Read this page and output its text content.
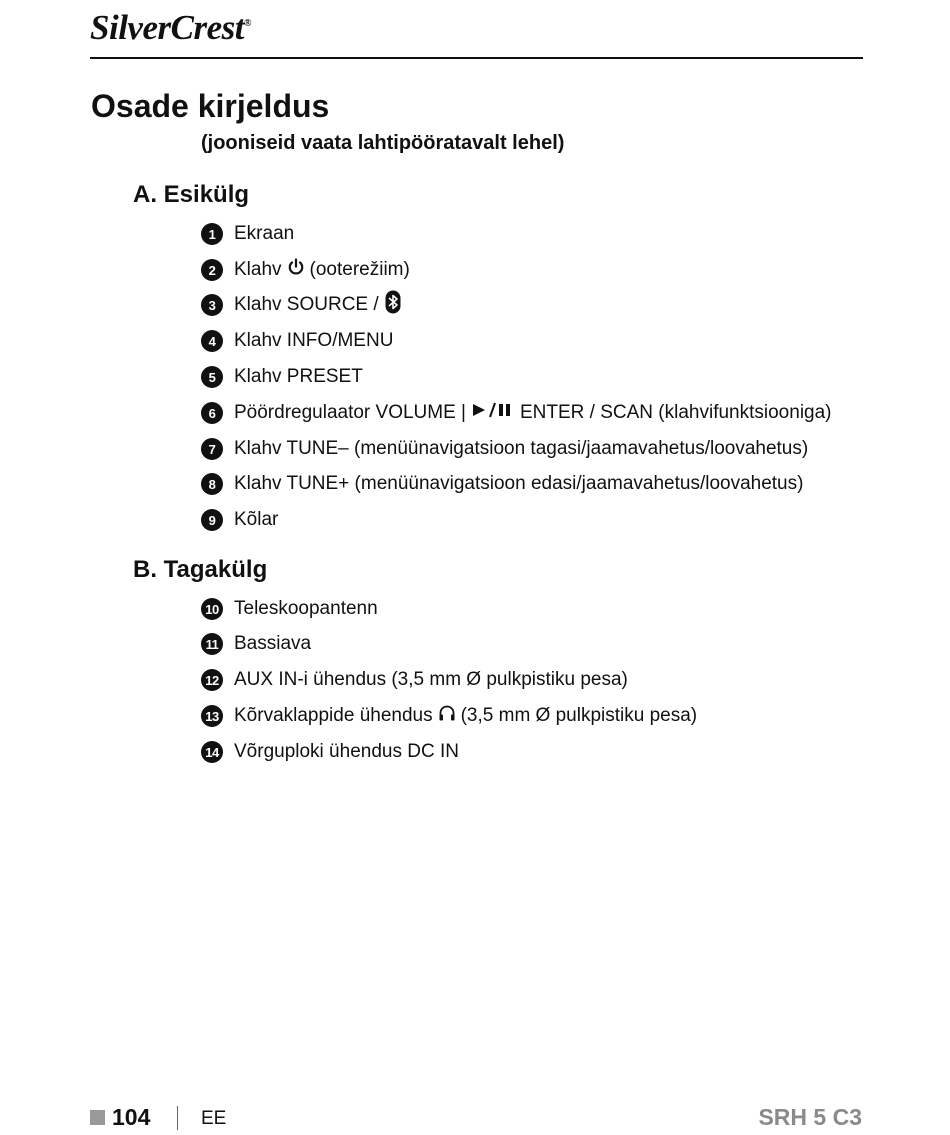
SilverCrest®
Osade kirjeldus

(jooniseid vaata lahtipööratavalt lehel)

A. Esikülg
1 Ekraan
2 Klahv (ooterežiim)
3 Klahv SOURCE /
4 Klahv INFO/MENU
5 Klahv PRESET
6 Pöördregulaator VOLUME |	ENTER / SCAN (klahvifunktsiooniga)
7 Klahv TUNE– (menüünavigatsioon tagasi/jaamavahetus/loovahetus)
8 Klahv TUNE+ (menüünavigatsioon edasi/jaamavahetus/loovahetus)
9 Kõlar
B. Tagakülg
10 Teleskoopantenn
11 Bassiava
12 AUX IN-i ühendus (3,5 mm Ø pulkpistiku pesa)
13 Kõrvaklappide ühendus (3,5 mm Ø pulkpistiku pesa)
14 Võrguploki ühendus DC IN
104	EE	SRH 5 C3
